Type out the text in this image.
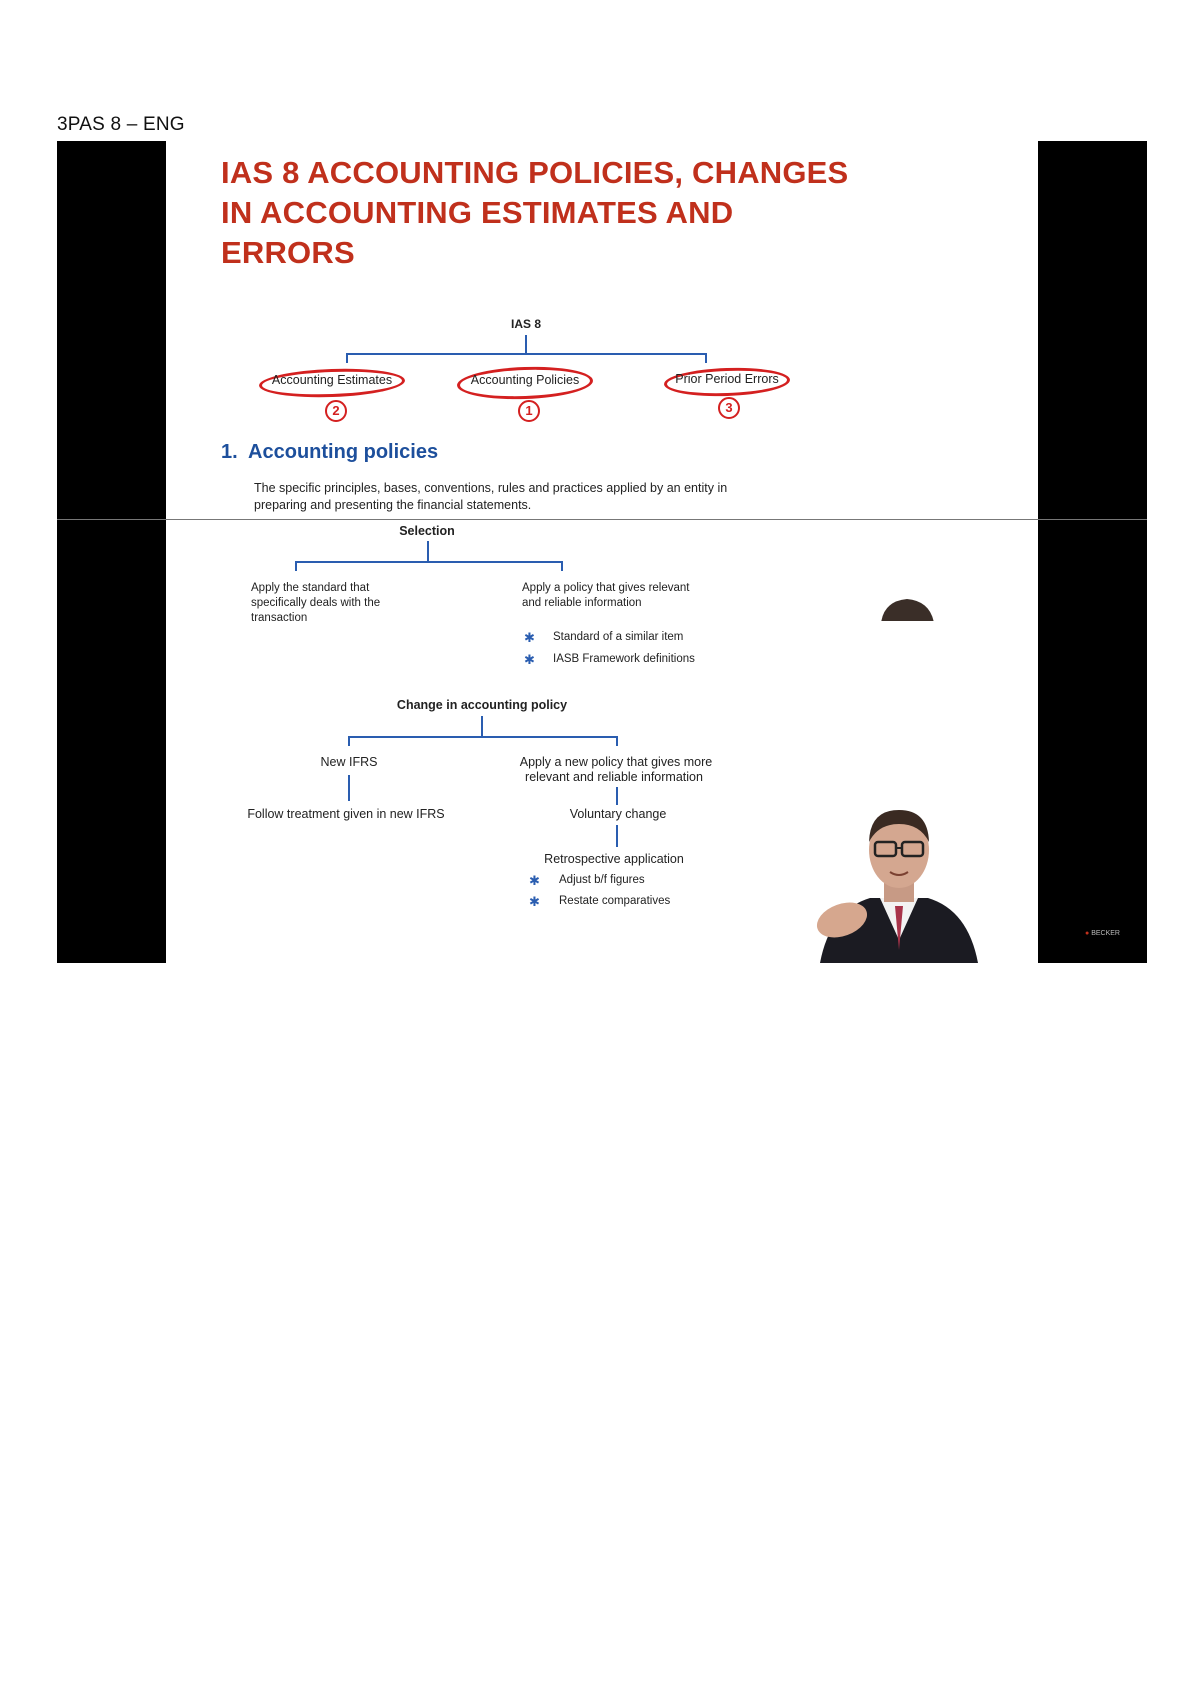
3PAS 8 – ENG
IAS 8 ACCOUNTING POLICIES, CHANGES
IN ACCOUNTING ESTIMATES AND
ERRORS
IAS 8
Accounting Estimates
2
Accounting Policies
1
Prior Period Errors
3
1.  Accounting policies
The specific principles, bases, conventions, rules and practices applied by an entity in
preparing and presenting the financial statements.
Selection
Apply the standard that
specifically deals with the
transaction
Apply a policy that gives relevant
and reliable information
✱ Standard of a similar item
✱ IASB Framework definitions
Change in accounting policy
New IFRS
Follow treatment given in new IFRS
Apply a new policy that gives more
relevant and reliable information
Voluntary change
Retrospective application
✱ Adjust b/f figures
✱ Restate comparatives
● BECKER
